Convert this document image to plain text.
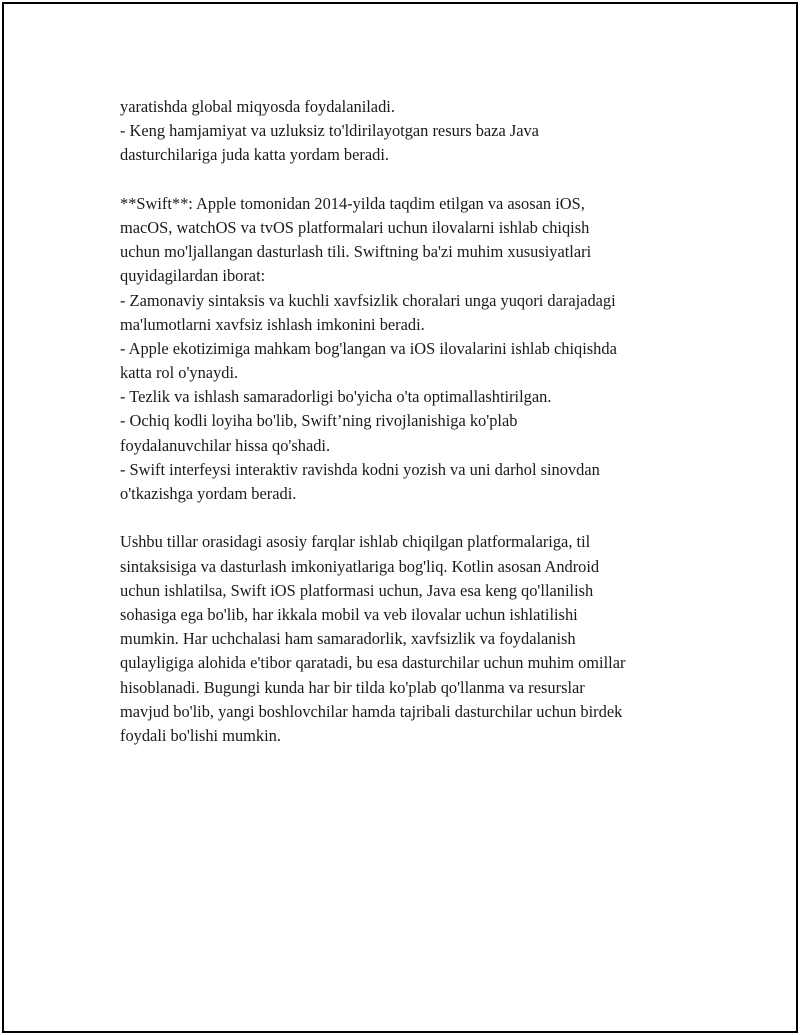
yaratishda global miqyosda foydalaniladi.
- Keng hamjamiyat va uzluksiz to'ldirilayotgan resurs baza Java
dasturchilariga juda katta yordam beradi.
**Swift**: Apple tomonidan 2014-yilda taqdim etilgan va asosan iOS,
macOS, watchOS va tvOS platformalari uchun ilovalarni ishlab chiqish
uchun mo'ljallangan dasturlash tili. Swiftning ba'zi muhim xususiyatlari
quyidagilardan iborat:
- Zamonaviy sintaksis va kuchli xavfsizlik choralari unga yuqori darajadagi
ma'lumotlarni xavfsiz ishlash imkonini beradi.
- Apple ekotizimiga mahkam bog'langan va iOS ilovalarini ishlab chiqishda
katta rol o'ynaydi.
- Tezlik va ishlash samaradorligi bo'yicha o'ta optimallashtirilgan.
- Ochiq kodli loyiha bo'lib, Swift’ning rivojlanishiga ko'plab
foydalanuvchilar hissa qo'shadi.
- Swift interfeysi interaktiv ravishda kodni yozish va uni darhol sinovdan
o'tkazishga yordam beradi.
Ushbu tillar orasidagi asosiy farqlar ishlab chiqilgan platformalariga, til
sintaksisiga va dasturlash imkoniyatlariga bog'liq. Kotlin asosan Android
uchun ishlatilsa, Swift iOS platformasi uchun, Java esa keng qo'llanilish
sohasiga ega bo'lib, har ikkala mobil va veb ilovalar uchun ishlatilishi
mumkin. Har uchchalasi ham samaradorlik, xavfsizlik va foydalanish
qulayligiga alohida e'tibor qaratadi, bu esa dasturchilar uchun muhim omillar
hisoblanadi. Bugungi kunda har bir tilda ko'plab qo'llanma va resurslar
mavjud bo'lib, yangi boshlovchilar hamda tajribali dasturchilar uchun birdek
foydali bo'lishi mumkin.
